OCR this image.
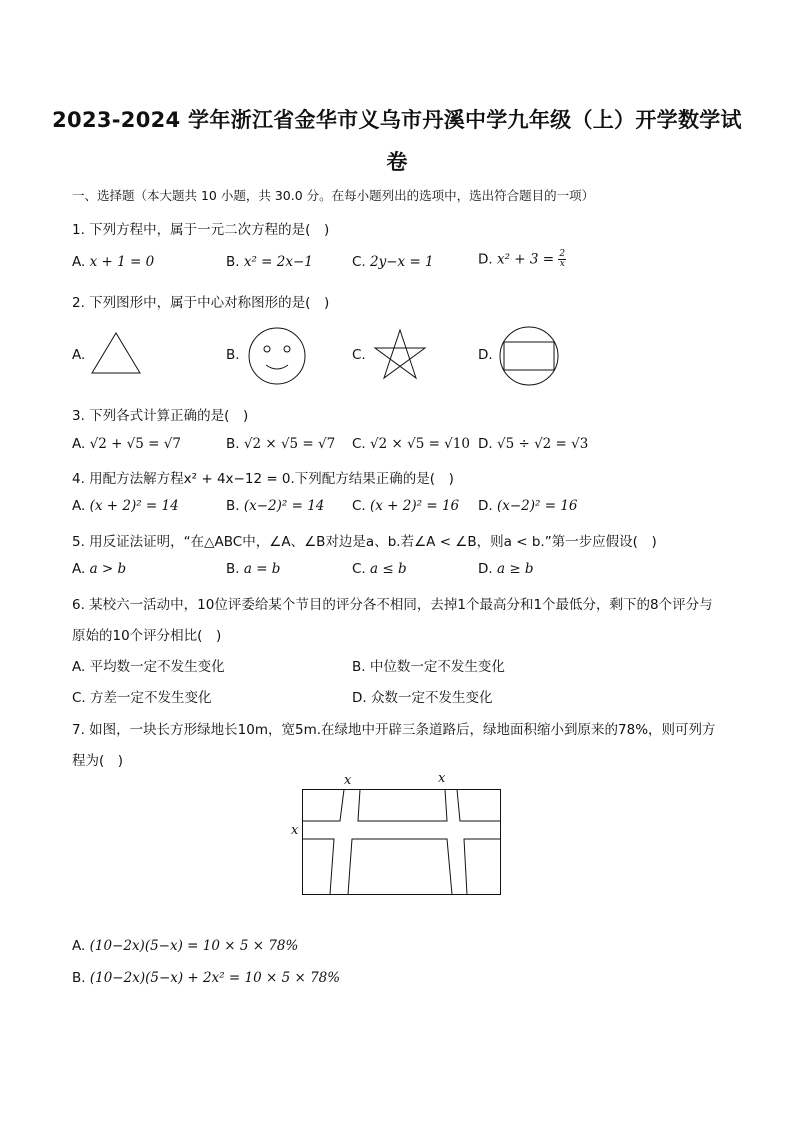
2023-2024 学年浙江省金华市义乌市丹溪中学九年级（上）开学数学试
卷
一、选择题（本大题共 10 小题，共 30.0 分。在每小题列出的选项中，选出符合题目的一项）
1. 下列方程中，属于一元二次方程的是(　)
A. x + 1 = 0	B. x² = 2x−1	C. 2y−x = 1	D. $x^2 + 3 = \frac{2}{x}$
2. 下列图形中，属于中心对称图形的是(　)
A.	B.	C.	D.
3. 下列各式计算正确的是(　)
A. √2 + √5 = √7	B. √2 × √5 = √7 C. √2 × √5 = √10 D. √5 ÷ √2 = √3
4. 用配方法解方程x² + 4x−12 = 0.下列配方结果正确的是(　)
A. (x + 2)² = 14	B. (x−2)² = 14 C. (x + 2)² = 16 D. (x−2)² = 16
5. 用反证法证明，“在△ABC中，∠A、∠B对边是a、b.若∠A < ∠B，则a < b.”第一步应假设(　)
A. a > b	B. a = b	C. a ≤ b	D. a ≥ b
6. 某校六一活动中，10位评委给某个节目的评分各不相同，去掉1个最高分和1个最低分，剩下的8个评分与
原始的10个评分相比(　)
A. 平均数一定不发生变化	B. 中位数一定不发生变化
C. 方差一定不发生变化	D. 众数一定不发生变化
7. 如图，一块长方形绿地长10m，宽5m.在绿地中开辟三条道路后，绿地面积缩小到原来的78%，则可列方
程为(　)
x	x
x
A. (10−2x)(5−x) = 10 × 5 × 78%
B. (10−2x)(5−x) + 2x² = 10 × 5 × 78%
